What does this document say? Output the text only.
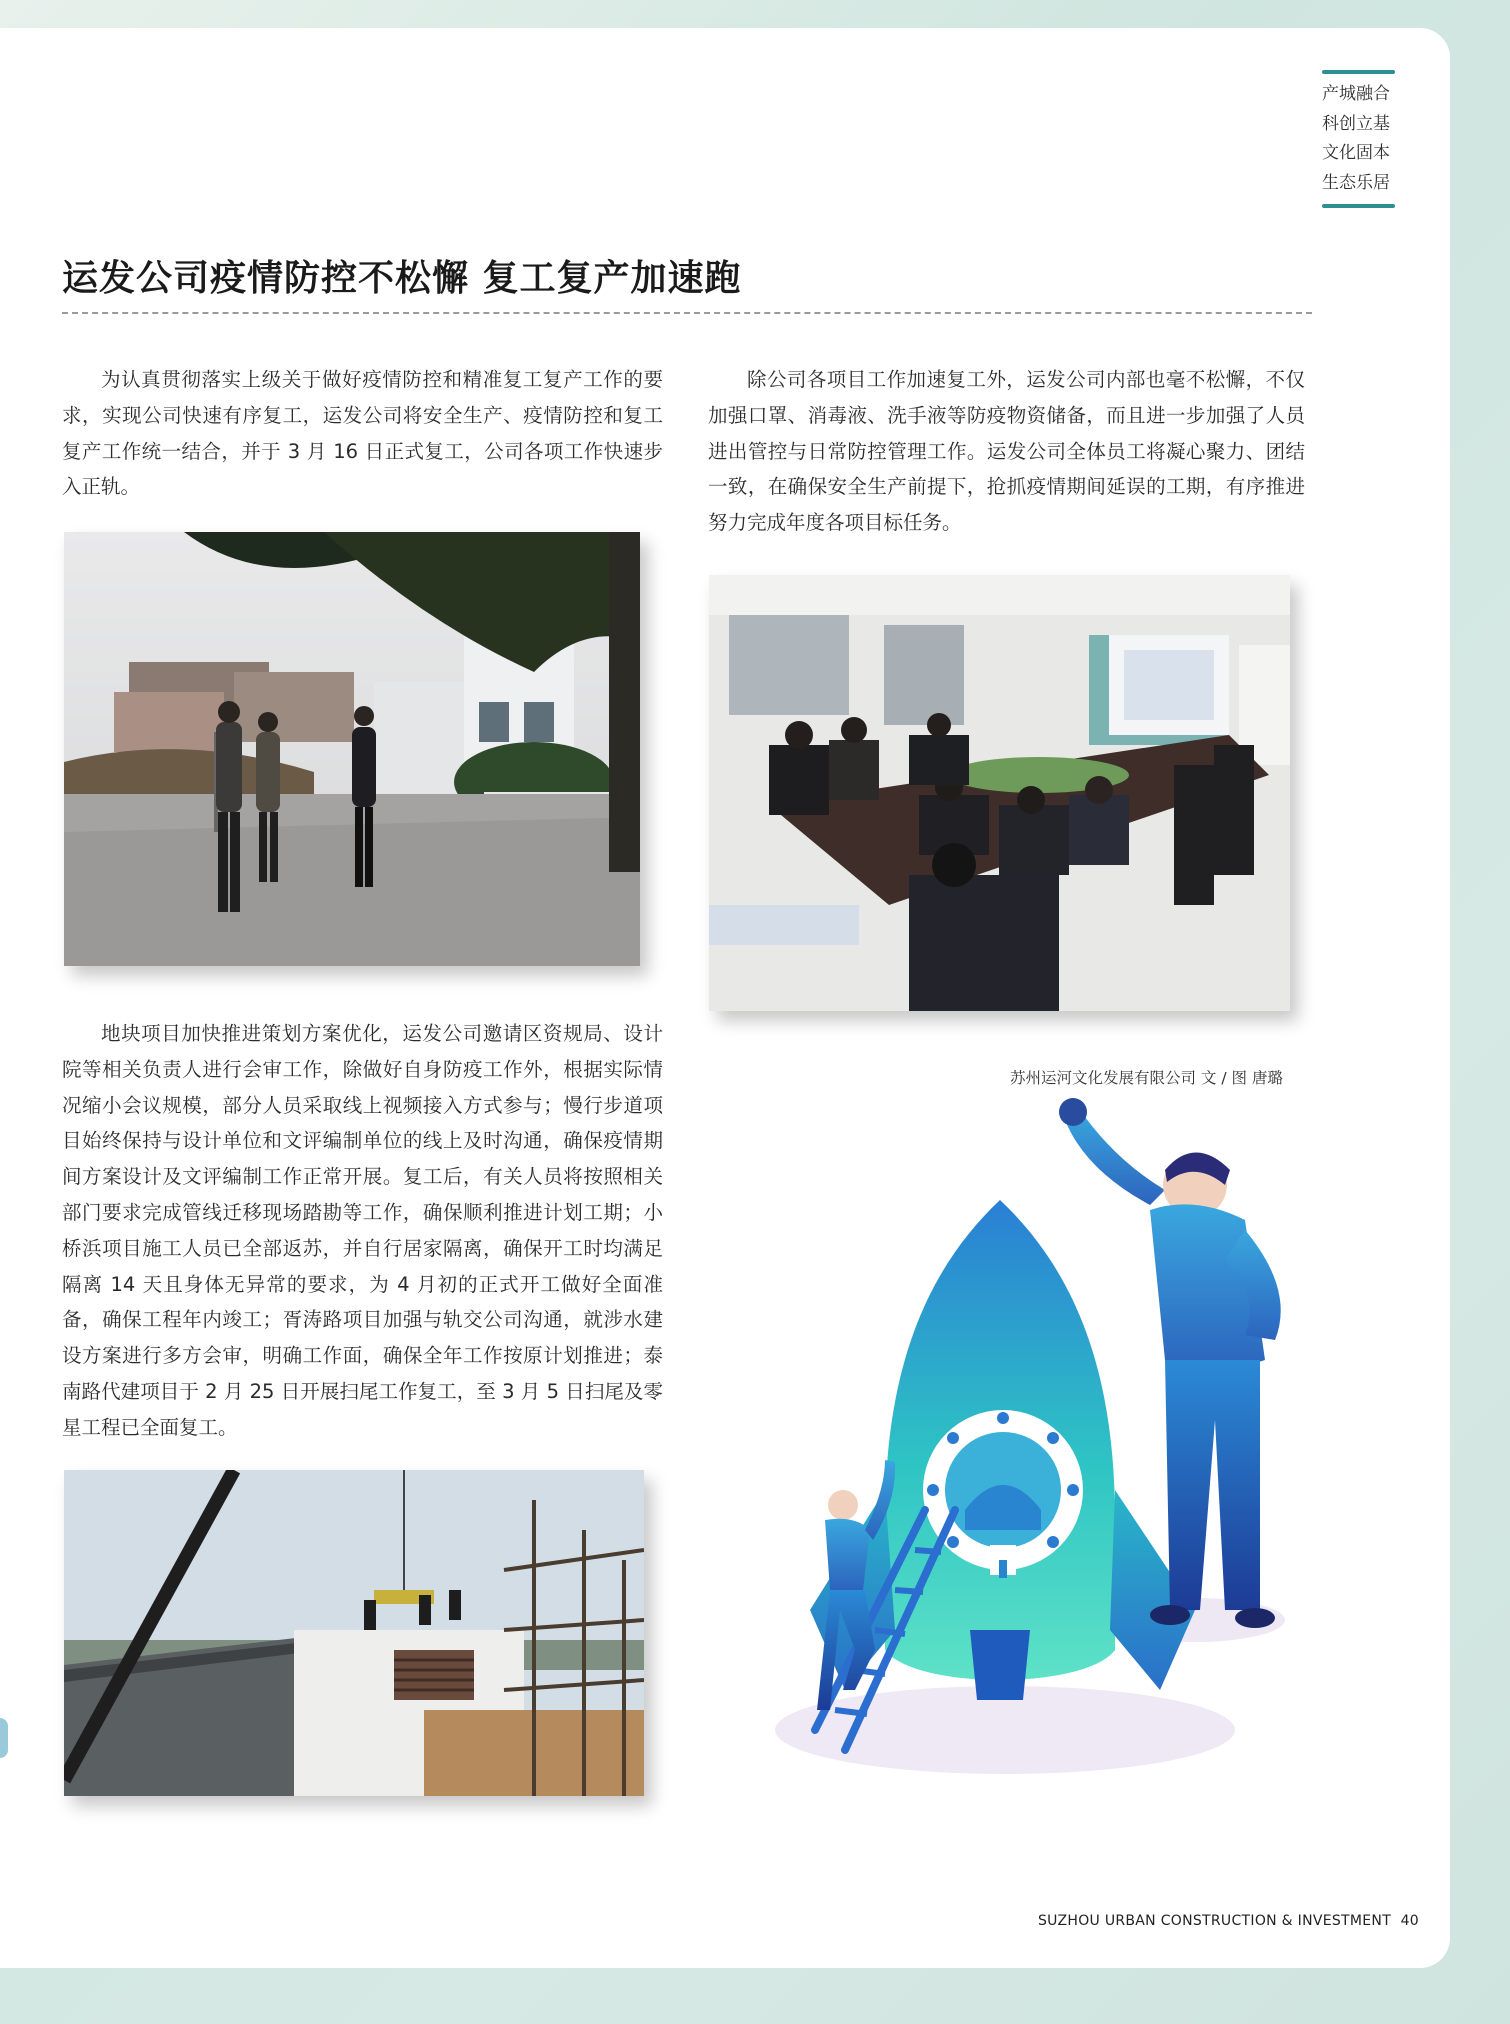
产城融合
科创立基
文化固本
生态乐居
运发公司疫情防控不松懈 复工复产加速跑

为认真贯彻落实上级关于做好疫情防控和精准复工复产工作的要求，实现公司快速有序复工，运发公司将安全生产、疫情防控和复工复产工作统一结合，并于 3 月 16 日正式复工，公司各项工作快速步入正轨。

地块项目加快推进策划方案优化，运发公司邀请区资规局、设计院等相关负责人进行会审工作，除做好自身防疫工作外，根据实际情况缩小会议规模，部分人员采取线上视频接入方式参与；慢行步道项目始终保持与设计单位和文评编制单位的线上及时沟通，确保疫情期间方案设计及文评编制工作正常开展。复工后，有关人员将按照相关部门要求完成管线迁移现场踏勘等工作，确保顺利推进计划工期；小桥浜项目施工人员已全部返苏，并自行居家隔离，确保开工时均满足隔离 14 天且身体无异常的要求，为 4 月初的正式开工做好全面准备，确保工程年内竣工；胥涛路项目加强与轨交公司沟通，就涉水建设方案进行多方会审，明确工作面，确保全年工作按原计划推进；泰南路代建项目于 2 月 25 日开展扫尾工作复工，至 3 月 5 日扫尾及零星工程已全面复工。

除公司各项目工作加速复工外，运发公司内部也毫不松懈，不仅加强口罩、消毒液、洗手液等防疫物资储备，而且进一步加强了人员进出管控与日常防控管理工作。运发公司全体员工将凝心聚力、团结一致，在确保安全生产前提下，抢抓疫情期间延误的工期，有序推进努力完成年度各项目标任务。

苏州运河文化发展有限公司 文 / 图 唐璐
SUZHOU URBAN CONSTRUCTION & INVESTMENT 40
